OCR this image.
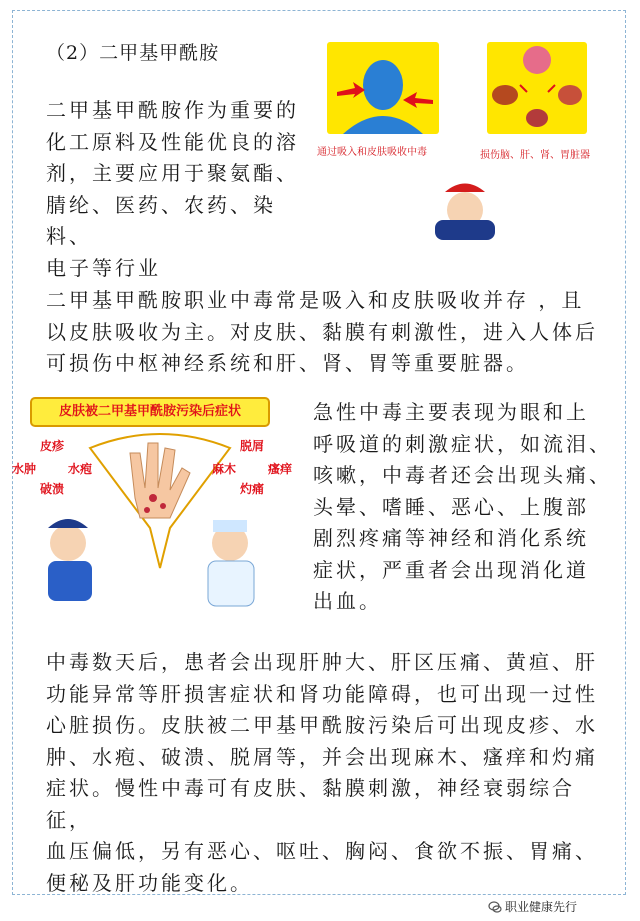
（2）二甲基甲酰胺
二甲基甲酰胺作为重要的
化工原料及性能优良的溶
剂，主要应用于聚氨酯、
腈纶、医药、农药、染料、
电子等行业
通过吸入和皮肤吸收中毒	损伤脑、肝、肾、胃脏器
二甲基甲酰胺职业中毒常是吸入和皮肤吸收并存 ，且
以皮肤吸收为主。对皮肤、黏膜有刺激性，进入人体后
可损伤中枢神经系统和肝、肾、胃等重要脏器。
皮肤被二甲基甲酰胺污染后症状
皮疹
水肿	水疱
破溃
脱屑
麻木	瘙痒
灼痛
急性中毒主要表现为眼和上
呼吸道的刺激症状，如流泪、
咳嗽，中毒者还会出现头痛、
头晕、嗜睡、恶心、上腹部
剧烈疼痛等神经和消化系统
症状，严重者会出现消化道
出血。
中毒数天后，患者会出现肝肿大、肝区压痛、黄疸、肝
功能异常等肝损害症状和肾功能障碍，也可出现一过性
心脏损伤。皮肤被二甲基甲酰胺污染后可出现皮疹、水
肿、水疱、破溃、脱屑等，并会出现麻木、瘙痒和灼痛
症状。慢性中毒可有皮肤、黏膜刺激，神经衰弱综合征，
血压偏低，另有恶心、呕吐、胸闷、食欲不振、胃痛、
便秘及肝功能变化。
职业健康先行
